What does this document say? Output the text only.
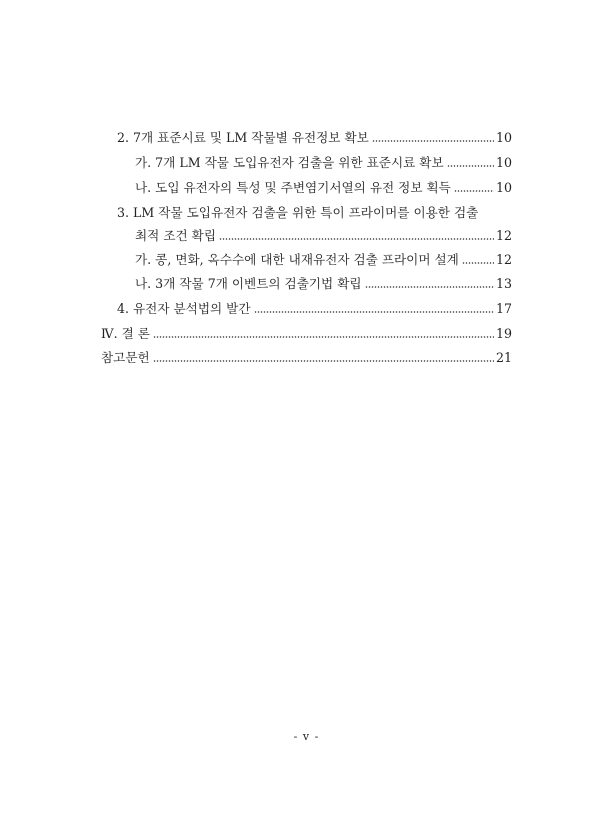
2. 7개 표준시료 및 LM 작물별 유전정보 확보	10
가. 7개 LM 작물 도입유전자 검출을 위한 표준시료 확보	10
나. 도입 유전자의 특성 및 주변염기서열의 유전 정보 획득	10
3. LM 작물 도입유전자 검출을 위한 특이 프라이머를 이용한 검출
최적 조건 확립	12
가. 콩, 면화, 옥수수에 대한 내재유전자 검출 프라이머 설계	12
나. 3개 작물 7개 이벤트의 검출기법 확립	13
4. 유전자 분석법의 발간	17
Ⅳ. 결 론	19
참고문헌	21
- v -
